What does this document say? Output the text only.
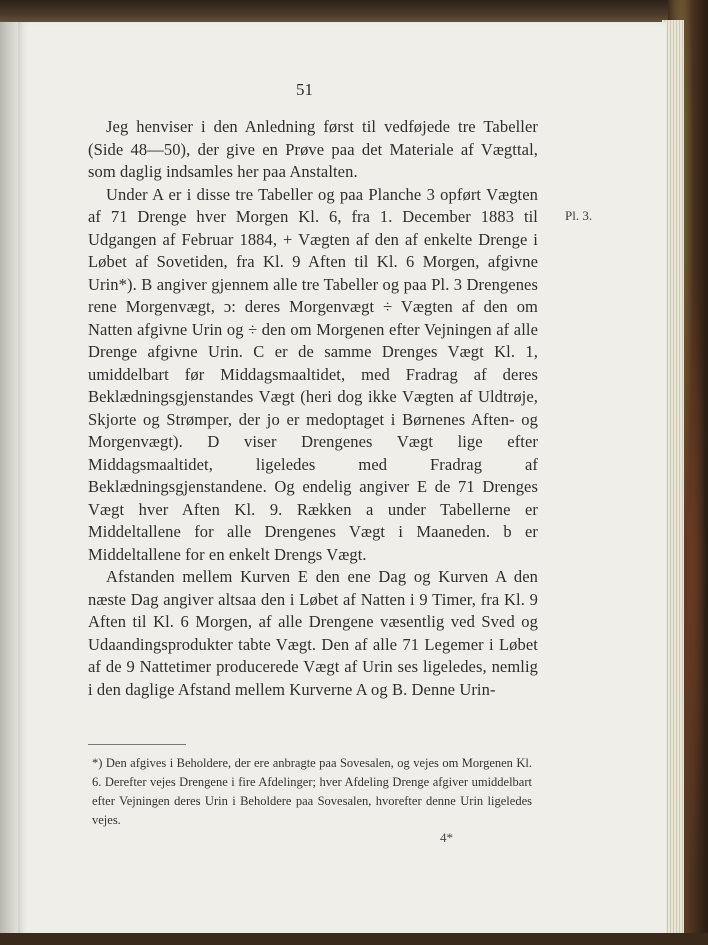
51

Jeg henviser i den Anledning først til vedføjede tre Tabeller (Side 48—50), der give en Prøve paa det Materiale af Vægttal, som daglig indsamles her paa Anstalten.

Under A er i disse tre Tabeller og paa Planche 3 opført Vægten af 71 Drenge hver Morgen Kl. 6, fra 1. December 1883 til Udgangen af Februar 1884, + Vægten af den af enkelte Drenge i Løbet af Sovetiden, fra Kl. 9 Aften til Kl. 6 Morgen, afgivne Urin*). B angiver gjennem alle tre Tabeller og paa Pl. 3 Drengenes rene Morgenvægt, ɔ: deres Morgenvægt ÷ Vægten af den om Natten afgivne Urin og ÷ den om Morgenen efter Vejningen af alle Drenge afgivne Urin. C er de samme Drenges Vægt Kl. 1, umiddelbart før Middagsmaaltidet, med Fradrag af deres Beklædningsgjenstandes Vægt (heri dog ikke Vægten af Uldtrøje, Skjorte og Strømper, der jo er medoptaget i Børnenes Aften- og Morgenvægt). D viser Drengenes Vægt lige efter Middagsmaaltidet, ligeledes med Fradrag af Beklædningsgjenstandene. Og endelig angiver E de 71 Drenges Vægt hver Aften Kl. 9. Rækken a under Tabellerne er Middeltallene for alle Drengenes Vægt i Maaneden. b er Middeltallene for en enkelt Drengs Vægt.

Afstanden mellem Kurven E den ene Dag og Kurven A den næste Dag angiver altsaa den i Løbet af Natten i 9 Timer, fra Kl. 9 Aften til Kl. 6 Morgen, af alle Drengene væsentlig ved Sved og Udaandingsprodukter tabte Vægt. Den af alle 71 Legemer i Løbet af de 9 Nattetimer producerede Vægt af Urin ses ligeledes, nemlig i den daglige Afstand mellem Kurverne A og B. Denne Urin-

Pl. 3.
*) Den afgives i Beholdere, der ere anbragte paa Sovesalen, og vejes om Morgenen Kl. 6. Derefter vejes Drengene i fire Afdelinger; hver Afdeling Drenge afgiver umiddelbart efter Vejningen deres Urin i Beholdere paa Sovesalen, hvorefter denne Urin ligeledes vejes.
4*
